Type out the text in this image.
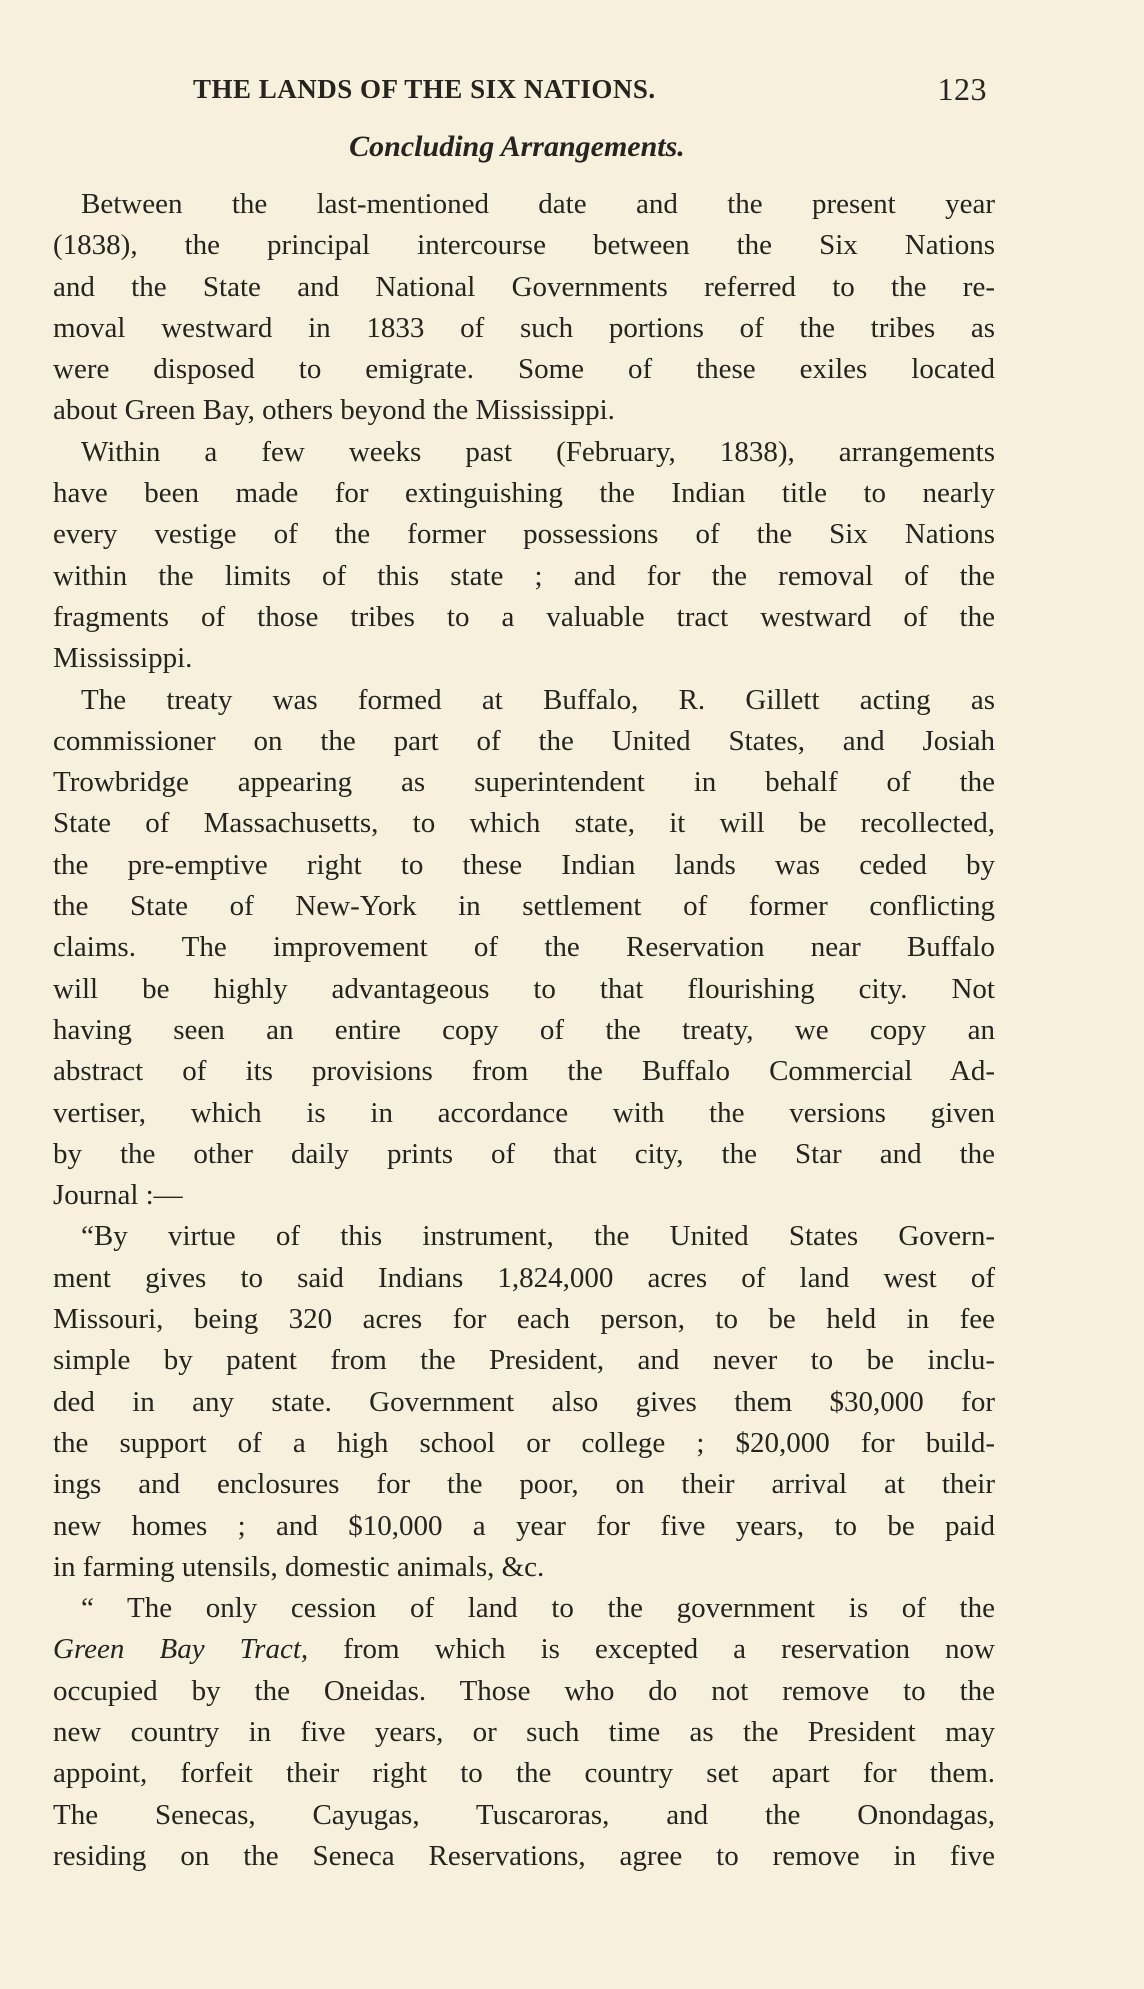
THE LANDS OF THE SIX NATIONS.	123
Concluding Arrangements.
Between the last-mentioned date and the present year
(1838), the principal intercourse between the Six Nations
and the State and National Governments referred to the re-
moval westward in 1833 of such portions of the tribes as
were disposed to emigrate. Some of these exiles located
about Green Bay, others beyond the Mississippi.
Within a few weeks past (February, 1838), arrangements
have been made for extinguishing the Indian title to nearly
every vestige of the former possessions of the Six Nations
within the limits of this state ; and for the removal of the
fragments of those tribes to a valuable tract westward of the
Mississippi.
The treaty was formed at Buffalo, R. Gillett acting as
commissioner on the part of the United States, and Josiah
Trowbridge appearing as superintendent in behalf of the
State of Massachusetts, to which state, it will be recollected,
the pre-emptive right to these Indian lands was ceded by
the State of New-York in settlement of former conflicting
claims. The improvement of the Reservation near Buffalo
will be highly advantageous to that flourishing city. Not
having seen an entire copy of the treaty, we copy an
abstract of its provisions from the Buffalo Commercial Ad-
vertiser, which is in accordance with the versions given
by the other daily prints of that city, the Star and the
Journal :—
“By virtue of this instrument, the United States Govern-
ment gives to said Indians 1,824,000 acres of land west of
Missouri, being 320 acres for each person, to be held in fee
simple by patent from the President, and never to be inclu-
ded in any state. Government also gives them $30,000 for
the support of a high school or college ; $20,000 for build-
ings and enclosures for the poor, on their arrival at their
new homes ; and $10,000 a year for five years, to be paid
in farming utensils, domestic animals, &c.
“ The only cession of land to the government is of the
Green Bay Tract, from which is excepted a reservation now
occupied by the Oneidas. Those who do not remove to the
new country in five years, or such time as the President may
appoint, forfeit their right to the country set apart for them.
The Senecas, Cayugas, Tuscaroras, and the Onondagas,
residing on the Seneca Reservations, agree to remove in five
